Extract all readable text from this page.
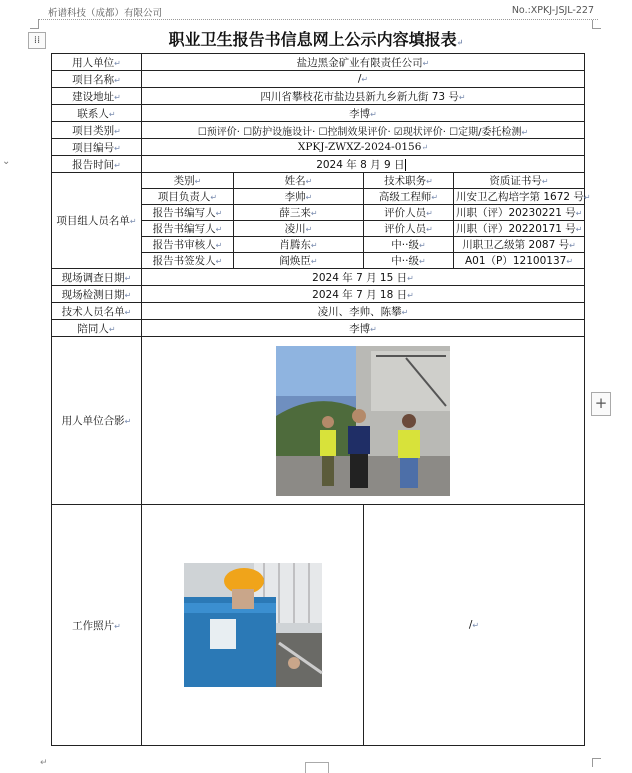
析谱科技（成都）有限公司	No.:XPKJ-JSJL-227
⁞⁞
⌄
+
职业卫生报告书信息网上公示内容填报表↵
用人单位↵	盐边黑金矿业有限责任公司↵			
项目名称↵	/↵			
建设地址↵	四川省攀枝花市盐边县新九乡新九街 73 号↵			
联系人↵	李博↵			
项目类别↵	☐预评价· ☐防护设施设计· ☐控制效果评价· ☑现状评价· ☐定期/委托检测↵			
项目编号↵	XPKJ-ZWXZ-2024-0156↵			
报告时间↵	2024 年 8 月 9 日			
项目组人员名单↵	类别↵	姓名↵	技术职务↵	资质证书号↵
	项目负责人↵	李帅↵	高级工程师↵	川安卫乙构培字第 1672 号↵
	报告书编写人↵	薛三来↵	评价人员↵	川职（评）20230221 号↵
	报告书编写人↵	凌川↵	评价人员↵	川职（评）20220171 号↵
	报告书审核人↵	肖腾东↵	中··级↵	川职卫乙级第 2087 号↵
	报告书签发人↵	阎焕臣↵	中··级↵	A01（P）12100137↵
现场调查日期↵	2024 年 7 月 15 日↵			
现场检测日期↵	2024 年 7 月 18 日↵			
技术人员名单↵	凌川、李帅、陈攀↵			
陪同人↵	李博↵			
用人单位合影↵	

工作照片↵			/↵	
↵
